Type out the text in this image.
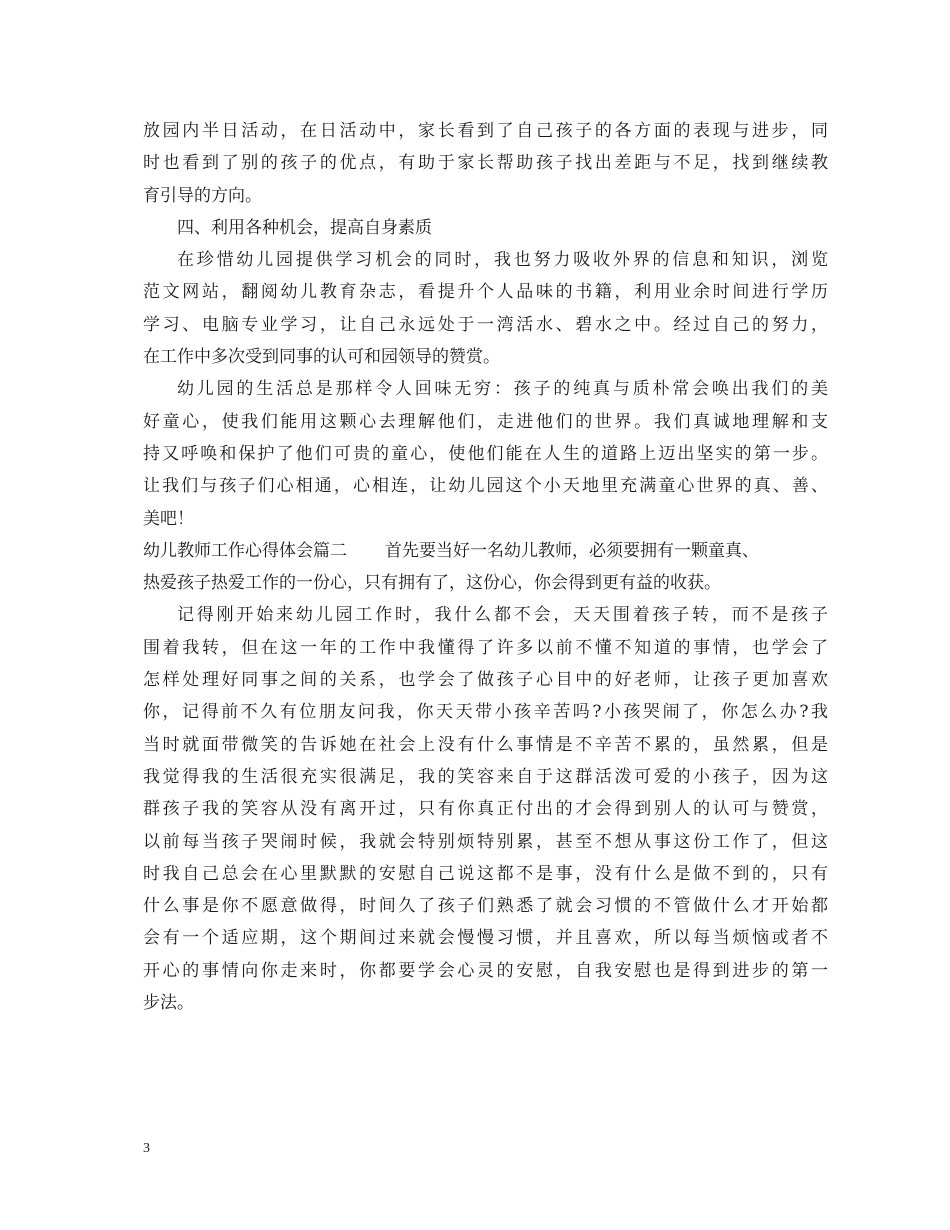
放园内半日活动，在日活动中，家长看到了自己孩子的各方面的表现与进步，同
时也看到了别的孩子的优点，有助于家长帮助孩子找出差距与不足，找到继续教
育引导的方向。
四、利用各种机会，提高自身素质
在珍惜幼儿园提供学习机会的同时，我也努力吸收外界的信息和知识，浏览
范文网站，翻阅幼儿教育杂志，看提升个人品味的书籍，利用业余时间进行学历
学习、电脑专业学习，让自己永远处于一湾活水、碧水之中。经过自己的努力，
在工作中多次受到同事的认可和园领导的赞赏。
幼儿园的生活总是那样令人回味无穷：孩子的纯真与质朴常会唤出我们的美
好童心，使我们能用这颗心去理解他们，走进他们的世界。我们真诚地理解和支
持又呼唤和保护了他们可贵的童心，使他们能在人生的道路上迈出坚实的第一步。
让我们与孩子们心相通，心相连，让幼儿园这个小天地里充满童心世界的真、善、
美吧！
幼儿教师工作心得体会篇二 首先要当好一名幼儿教师，必须要拥有一颗童真、
热爱孩子热爱工作的一份心，只有拥有了，这份心，你会得到更有益的收获。
记得刚开始来幼儿园工作时，我什么都不会，天天围着孩子转，而不是孩子
围着我转，但在这一年的工作中我懂得了许多以前不懂不知道的事情，也学会了
怎样处理好同事之间的关系，也学会了做孩子心目中的好老师，让孩子更加喜欢
你，记得前不久有位朋友问我，你天天带小孩辛苦吗?小孩哭闹了，你怎么办?我
当时就面带微笑的告诉她在社会上没有什么事情是不辛苦不累的，虽然累，但是
我觉得我的生活很充实很满足，我的笑容来自于这群活泼可爱的小孩子，因为这
群孩子我的笑容从没有离开过，只有你真正付出的才会得到别人的认可与赞赏，
以前每当孩子哭闹时候，我就会特别烦特别累，甚至不想从事这份工作了，但这
时我自己总会在心里默默的安慰自己说这都不是事，没有什么是做不到的，只有
什么事是你不愿意做得，时间久了孩子们熟悉了就会习惯的不管做什么才开始都
会有一个适应期，这个期间过来就会慢慢习惯，并且喜欢，所以每当烦恼或者不
开心的事情向你走来时，你都要学会心灵的安慰，自我安慰也是得到进步的第一
步法。
3
